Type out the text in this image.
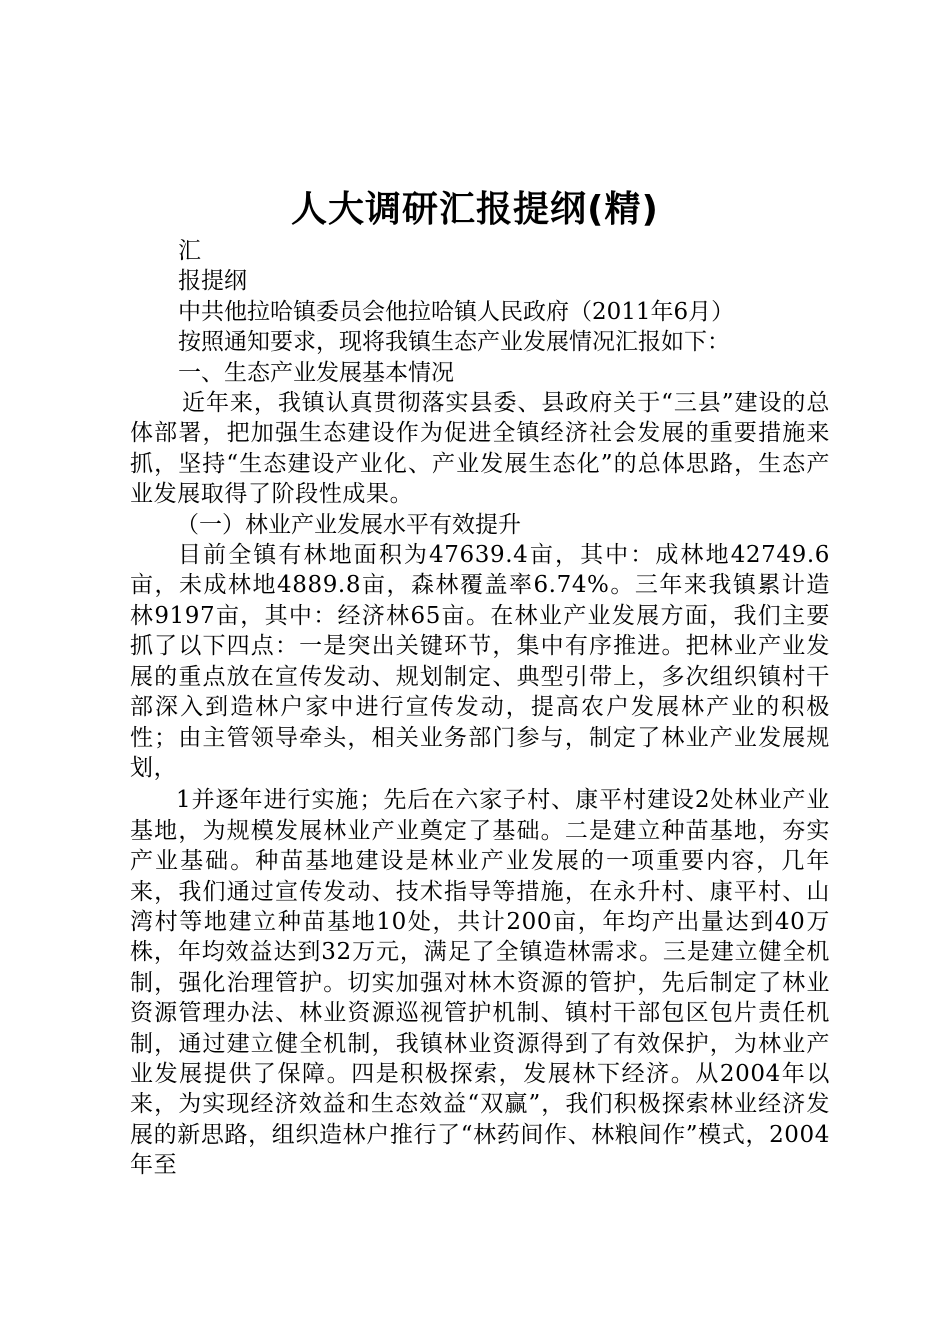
人大调研汇报提纲(精)

汇

报提纲

中共他拉哈镇委员会他拉哈镇人民政府（2011年6月）

按照通知要求，现将我镇生态产业发展情况汇报如下：

一、生态产业发展基本情况

近年来，我镇认真贯彻落实县委、县政府关于“三县”建设的总体部署，把加强生态建设作为促进全镇经济社会发展的重要措施来抓，坚持“生态建设产业化、产业发展生态化”的总体思路，生态产业发展取得了阶段性成果。

（一）林业产业发展水平有效提升

目前全镇有林地面积为47639.4亩，其中：成林地42749.6亩，未成林地4889.8亩，森林覆盖率6.74%。三年来我镇累计造林9197亩，其中：经济林65亩。在林业产业发展方面，我们主要抓了以下四点：一是突出关键环节，集中有序推进。把林业产业发展的重点放在宣传发动、规划制定、典型引带上，多次组织镇村干部深入到造林户家中进行宣传发动，提高农户发展林产业的积极性；由主管领导牵头，相关业务部门参与，制定了林业产业发展规划，

1并逐年进行实施；先后在六家子村、康平村建设2处林业产业基地，为规模发展林业产业奠定了基础。二是建立种苗基地，夯实产业基础。种苗基地建设是林业产业发展的一项重要内容，几年来，我们通过宣传发动、技术指导等措施，在永升村、康平村、山湾村等地建立种苗基地10处，共计200亩，年均产出量达到40万株，年均效益达到32万元，满足了全镇造林需求。三是建立健全机制，强化治理管护。切实加强对林木资源的管护，先后制定了林业资源管理办法、林业资源巡视管护机制、镇村干部包区包片责任机制，通过建立健全机制，我镇林业资源得到了有效保护，为林业产业发展提供了保障。四是积极探索，发展林下经济。从2004年以来，为实现经济效益和生态效益“双赢”，我们积极探索林业经济发展的新思路，组织造林户推行了“林药间作、林粮间作”模式，2004年至
